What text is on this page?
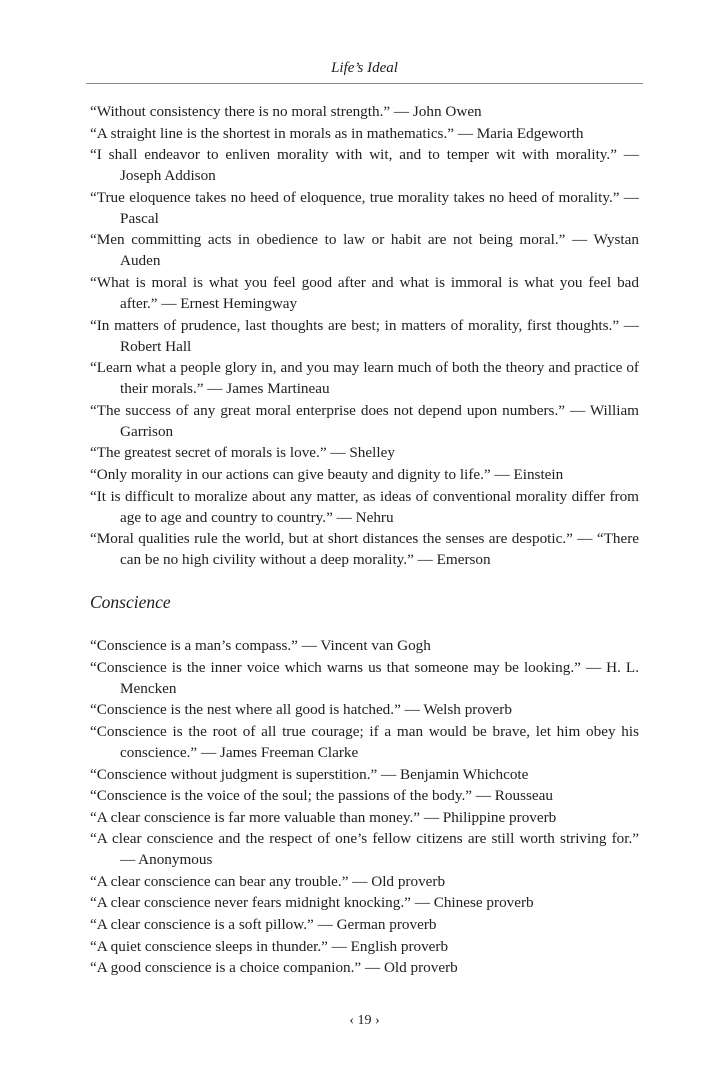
Life’s Ideal

“Without consistency there is no moral strength.” — John Owen

“A straight line is the shortest in morals as in mathematics.” — Maria Edgeworth

“I shall endeavor to enliven morality with wit, and to temper wit with morality.” — Joseph Addison

“True eloquence takes no heed of eloquence, true morality takes no heed of morality.” — Pascal

“Men committing acts in obedience to law or habit are not being moral.” — Wystan Auden

“What is moral is what you feel good after and what is immoral is what you feel bad after.” — Ernest Hemingway

“In matters of prudence, last thoughts are best; in matters of morality, first thoughts.” — Robert Hall

“Learn what a people glory in, and you may learn much of both the theory and practice of their morals.” — James Martineau

“The success of any great moral enterprise does not depend upon numbers.” — William Garrison

“The greatest secret of morals is love.” — Shelley

“Only morality in our actions can give beauty and dignity to life.” — Einstein

“It is difficult to moralize about any matter, as ideas of conventional morality differ from age to age and country to country.” — Nehru

“Moral qualities rule the world, but at short distances the senses are despotic.” — “There can be no high civility without a deep morality.” — Emerson

Conscience

“Conscience is a man’s compass.” — Vincent van Gogh

“Conscience is the inner voice which warns us that someone may be looking.” — H. L. Mencken

“Conscience is the nest where all good is hatched.” — Welsh proverb

“Conscience is the root of all true courage; if a man would be brave, let him obey his conscience.” — James Freeman Clarke

“Conscience without judgment is superstition.” — Benjamin Whichcote

“Conscience is the voice of the soul; the passions of the body.” — Rousseau

“A clear conscience is far more valuable than money.” — Philippine proverb

“A clear conscience and the respect of one’s fellow citizens are still worth striving for.” — Anonymous

“A clear conscience can bear any trouble.” — Old proverb

“A clear conscience never fears midnight knocking.” — Chinese proverb

“A clear conscience is a soft pillow.” — German proverb

“A quiet conscience sleeps in thunder.” — English proverb

“A good conscience is a choice companion.” — Old proverb

‹ 19 ›
